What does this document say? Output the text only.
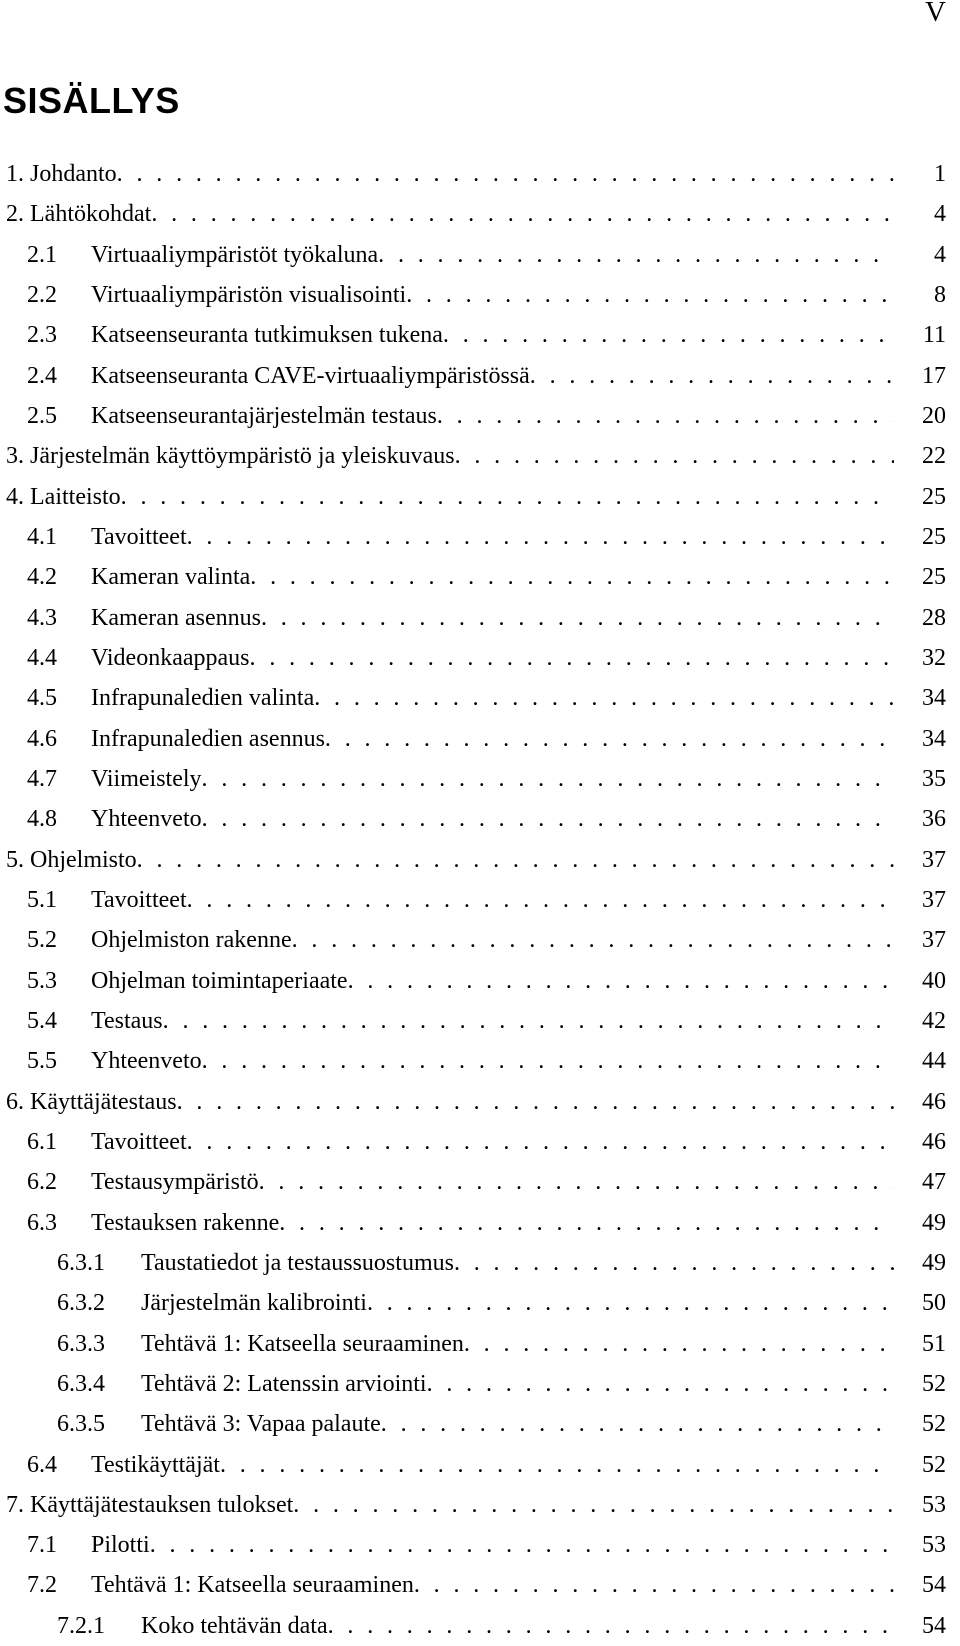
V
SISÄLLYS
1. Johdanto . . .	1
2. Lähtökohdat . . .	4
2.1 Virtuaaliympäristöt työkaluna . . .	4
2.2 Virtuaaliympäristön visualisointi . . .	8
2.3 Katseenseuranta tutkimuksen tukena . . .	11
2.4 Katseenseuranta CAVE-virtuaaliympäristössä . . .	17
2.5 Katseenseurantajärjestelmän testaus . . .	20
3. Järjestelmän käyttöympäristö ja yleiskuvaus . . .	22
4. Laitteisto . . .	25
4.1 Tavoitteet . . .	25
4.2 Kameran valinta . . .	25
4.3 Kameran asennus . . .	28
4.4 Videonkaappaus . . .	32
4.5 Infrapunaledien valinta . . .	34
4.6 Infrapunaledien asennus . . .	34
4.7 Viimeistely . . .	35
4.8 Yhteenveto . . .	36
5. Ohjelmisto . . .	37
5.1 Tavoitteet . . .	37
5.2 Ohjelmiston rakenne . . .	37
5.3 Ohjelman toimintaperiaate . . .	40
5.4 Testaus . . .	42
5.5 Yhteenveto . . .	44
6. Käyttäjätestaus . . .	46
6.1 Tavoitteet . . .	46
6.2 Testausympäristö . . .	47
6.3 Testauksen rakenne . . .	49
6.3.1 Taustatiedot ja testaussuostumus . . .	49
6.3.2 Järjestelmän kalibrointi . . .	50
6.3.3 Tehtävä 1: Katseella seuraaminen . . .	51
6.3.4 Tehtävä 2: Latenssin arviointi . . .	52
6.3.5 Tehtävä 3: Vapaa palaute . . .	52
6.4 Testikäyttäjät . . .	52
7. Käyttäjätestauksen tulokset . . .	53
7.1 Pilotti . . .	53
7.2 Tehtävä 1: Katseella seuraaminen . . .	54
7.2.1 Koko tehtävän data . . .	54
